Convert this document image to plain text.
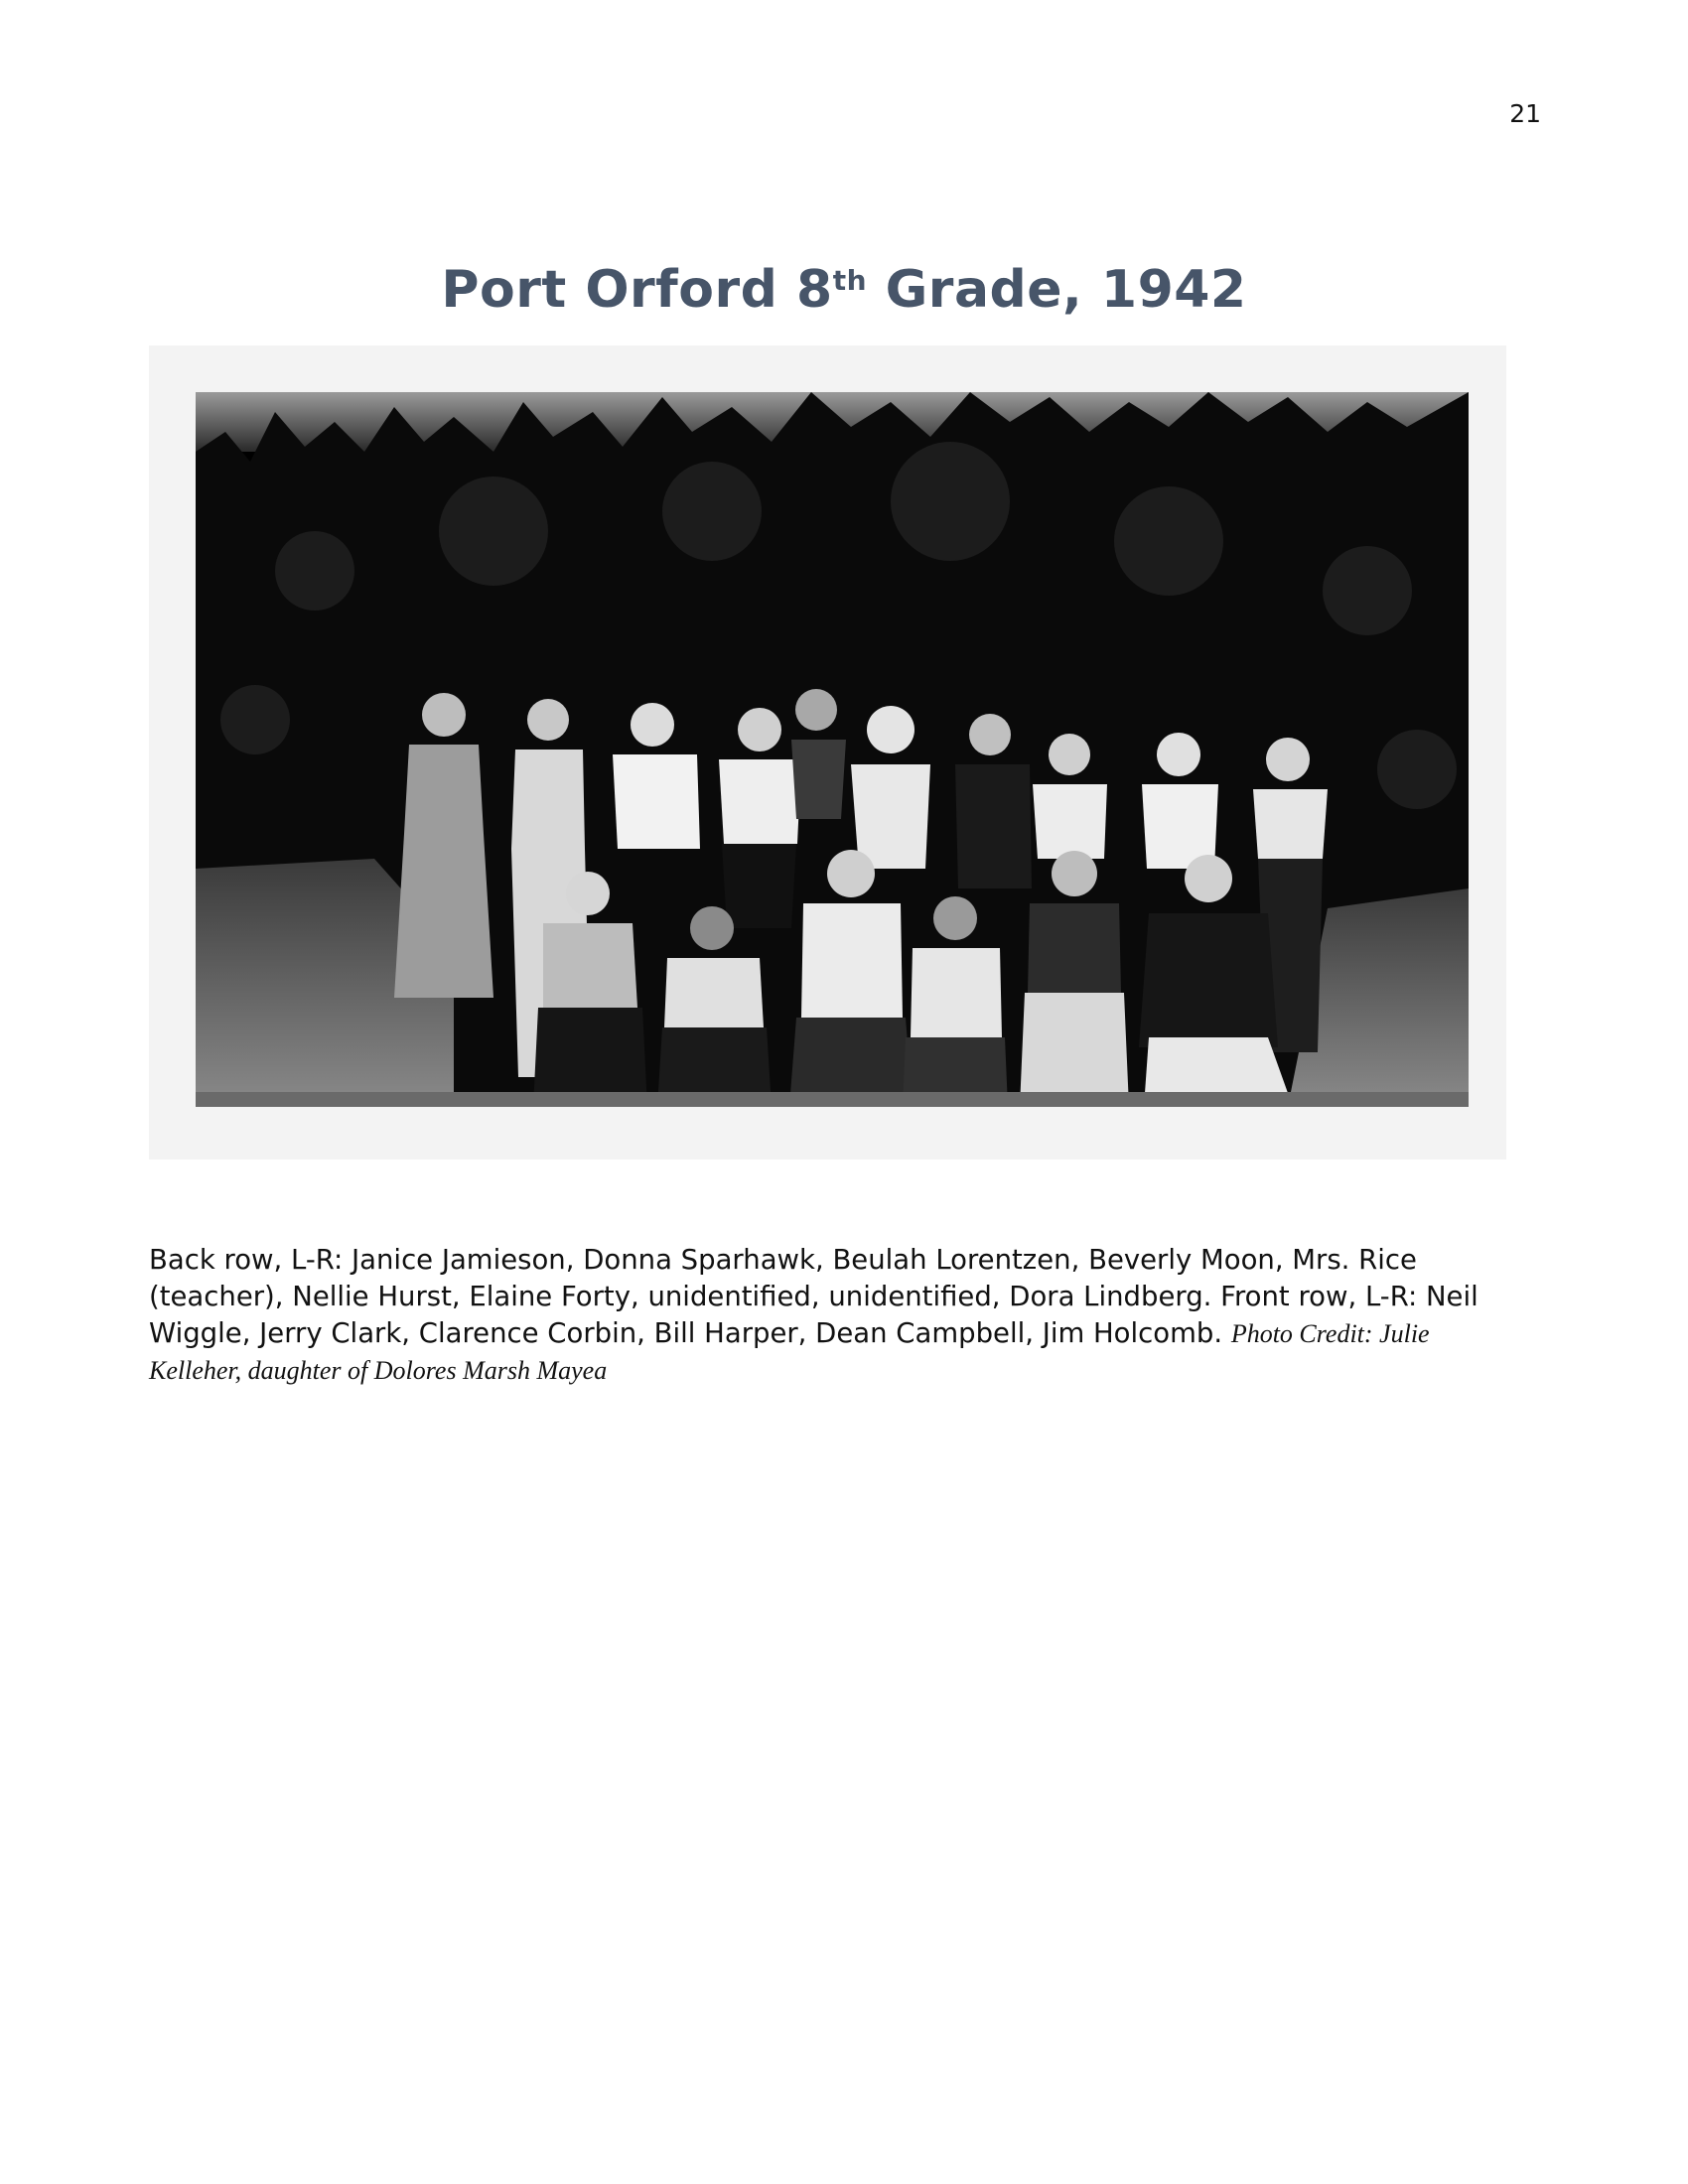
21
Port Orford 8th Grade, 1942
Back row, L-R: Janice Jamieson, Donna Sparhawk, Beulah Lorentzen, Beverly Moon, Mrs. Rice (teacher), Nellie Hurst, Elaine Forty, unidentified, unidentified, Dora Lindberg. Front row, L-R: Neil Wiggle, Jerry Clark, Clarence Corbin, Bill Harper, Dean Campbell, Jim Holcomb. Photo Credit: Julie Kelleher, daughter of Dolores Marsh Mayea
